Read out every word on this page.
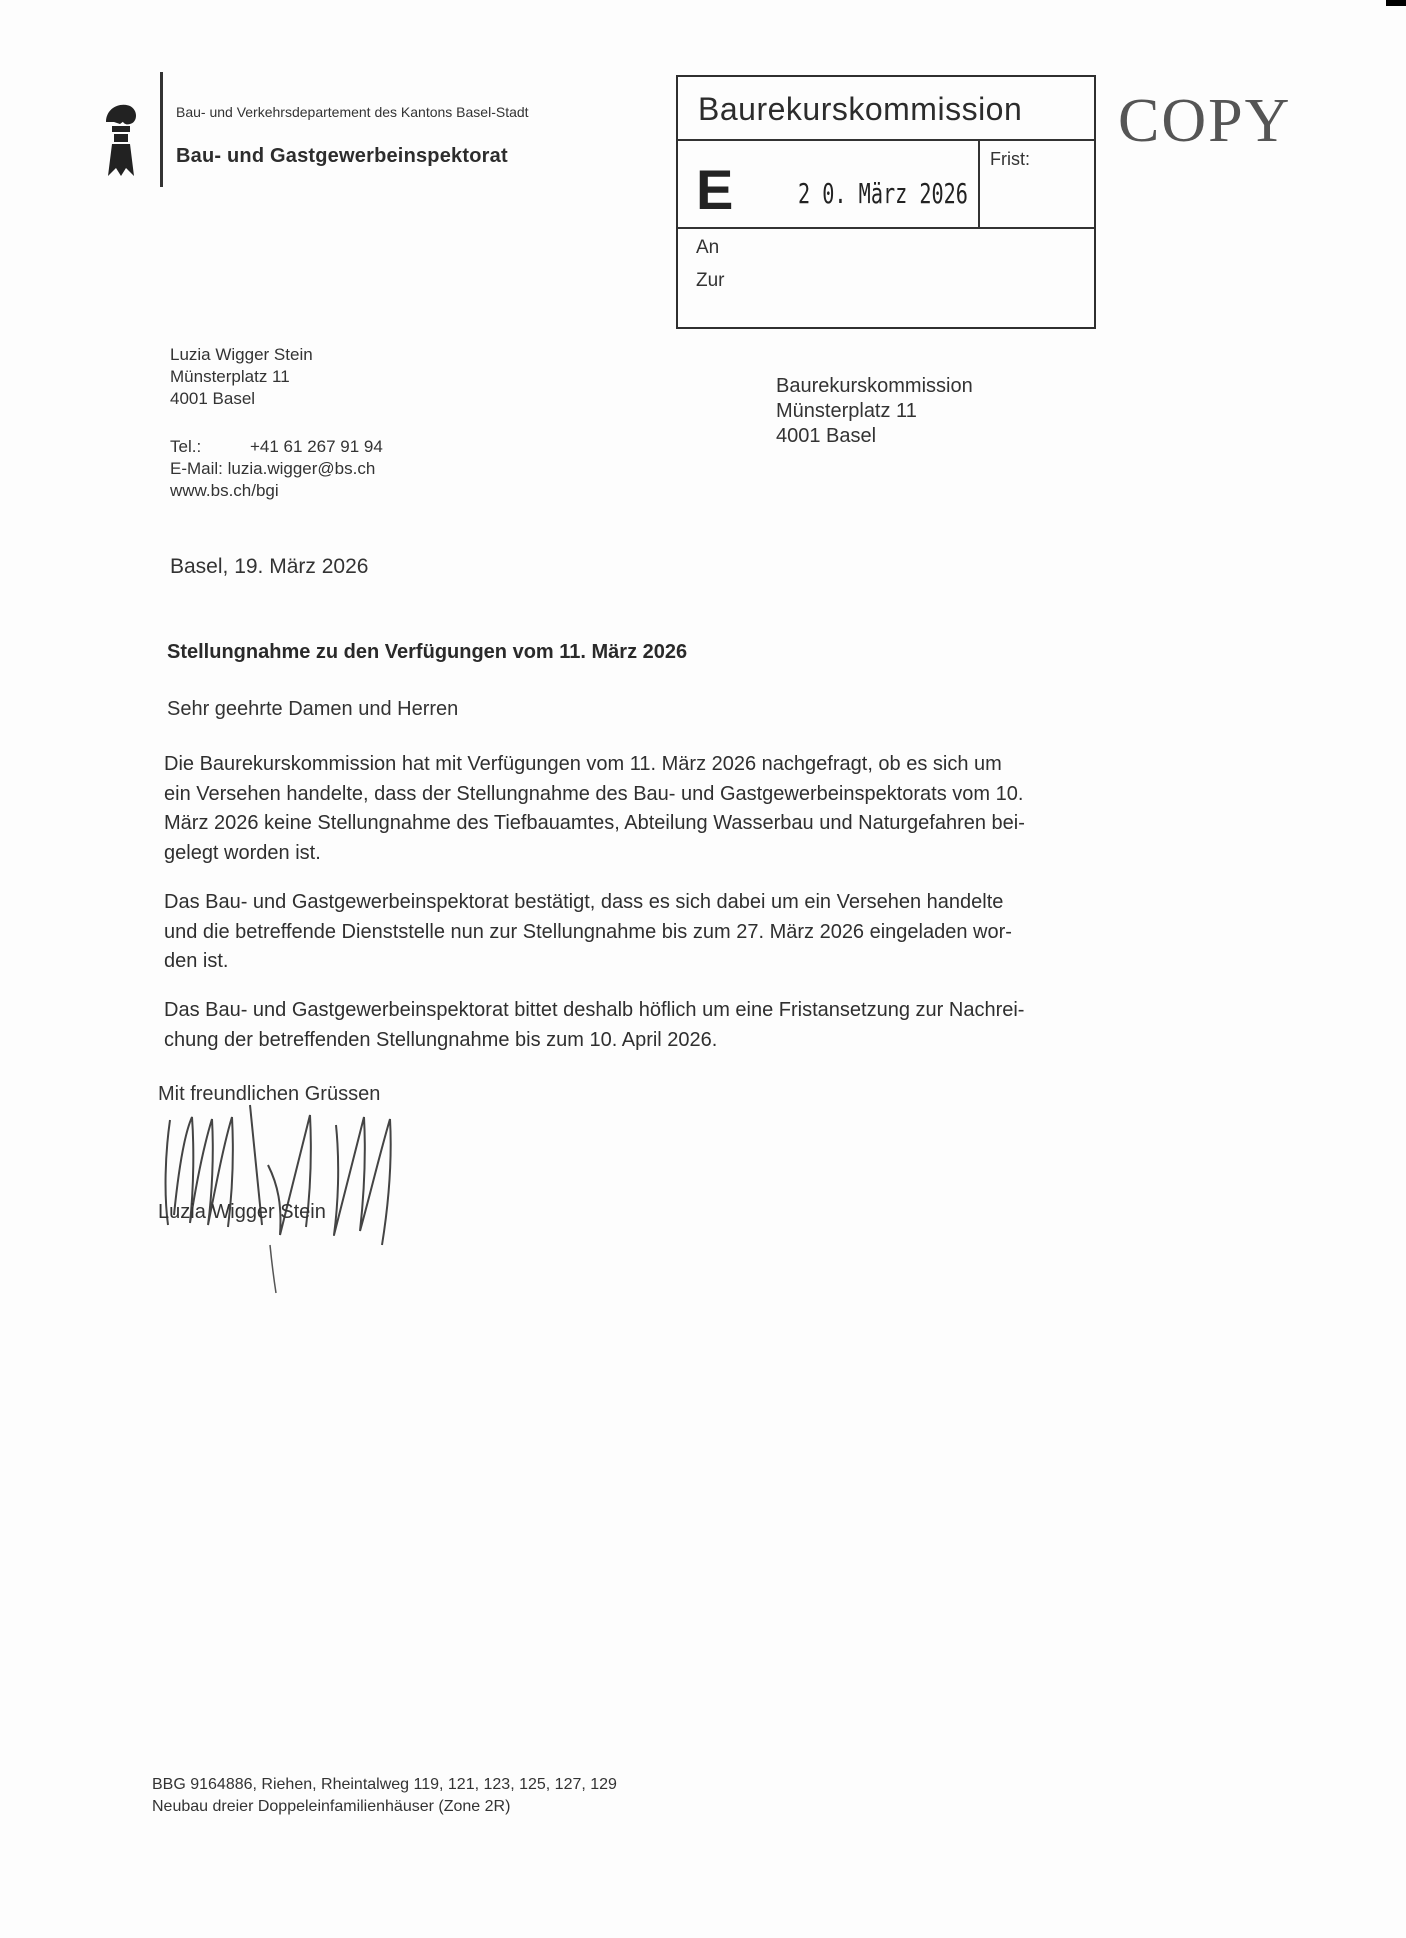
Bau- und Verkehrsdepartement des Kantons Basel-Stadt
Bau- und Gastgewerbeinspektorat
Baurekurskommission
E 2 0. März 2026
Frist:
An
Zur
COPY
Luzia Wigger Stein
Münsterplatz 11
4001 Basel
Tel.:	+41 61 267 91 94
E-Mail: luzia.wigger@bs.ch
www.bs.ch/bgi
Baurekurskommission
Münsterplatz 11
4001 Basel
Basel, 19. März 2026
Stellungnahme zu den Verfügungen vom 11. März 2026
Sehr geehrte Damen und Herren
Die Baurekurskommission hat mit Verfügungen vom 11. März 2026 nachgefragt, ob es sich um
ein Versehen handelte, dass der Stellungnahme des Bau- und Gastgewerbeinspektorats vom 10.
März 2026 keine Stellungnahme des Tiefbauamtes, Abteilung Wasserbau und Naturgefahren bei-
gelegt worden ist.
Das Bau- und Gastgewerbeinspektorat bestätigt, dass es sich dabei um ein Versehen handelte
und die betreffende Dienststelle nun zur Stellungnahme bis zum 27. März 2026 eingeladen wor-
den ist.
Das Bau- und Gastgewerbeinspektorat bittet deshalb höflich um eine Fristansetzung zur Nachrei-
chung der betreffenden Stellungnahme bis zum 10. April 2026.
Mit freundlichen Grüssen
Luzia Wigger Stein
BBG 9164886, Riehen, Rheintalweg 119, 121, 123, 125, 127, 129
Neubau dreier Doppeleinfamilienhäuser (Zone 2R)
